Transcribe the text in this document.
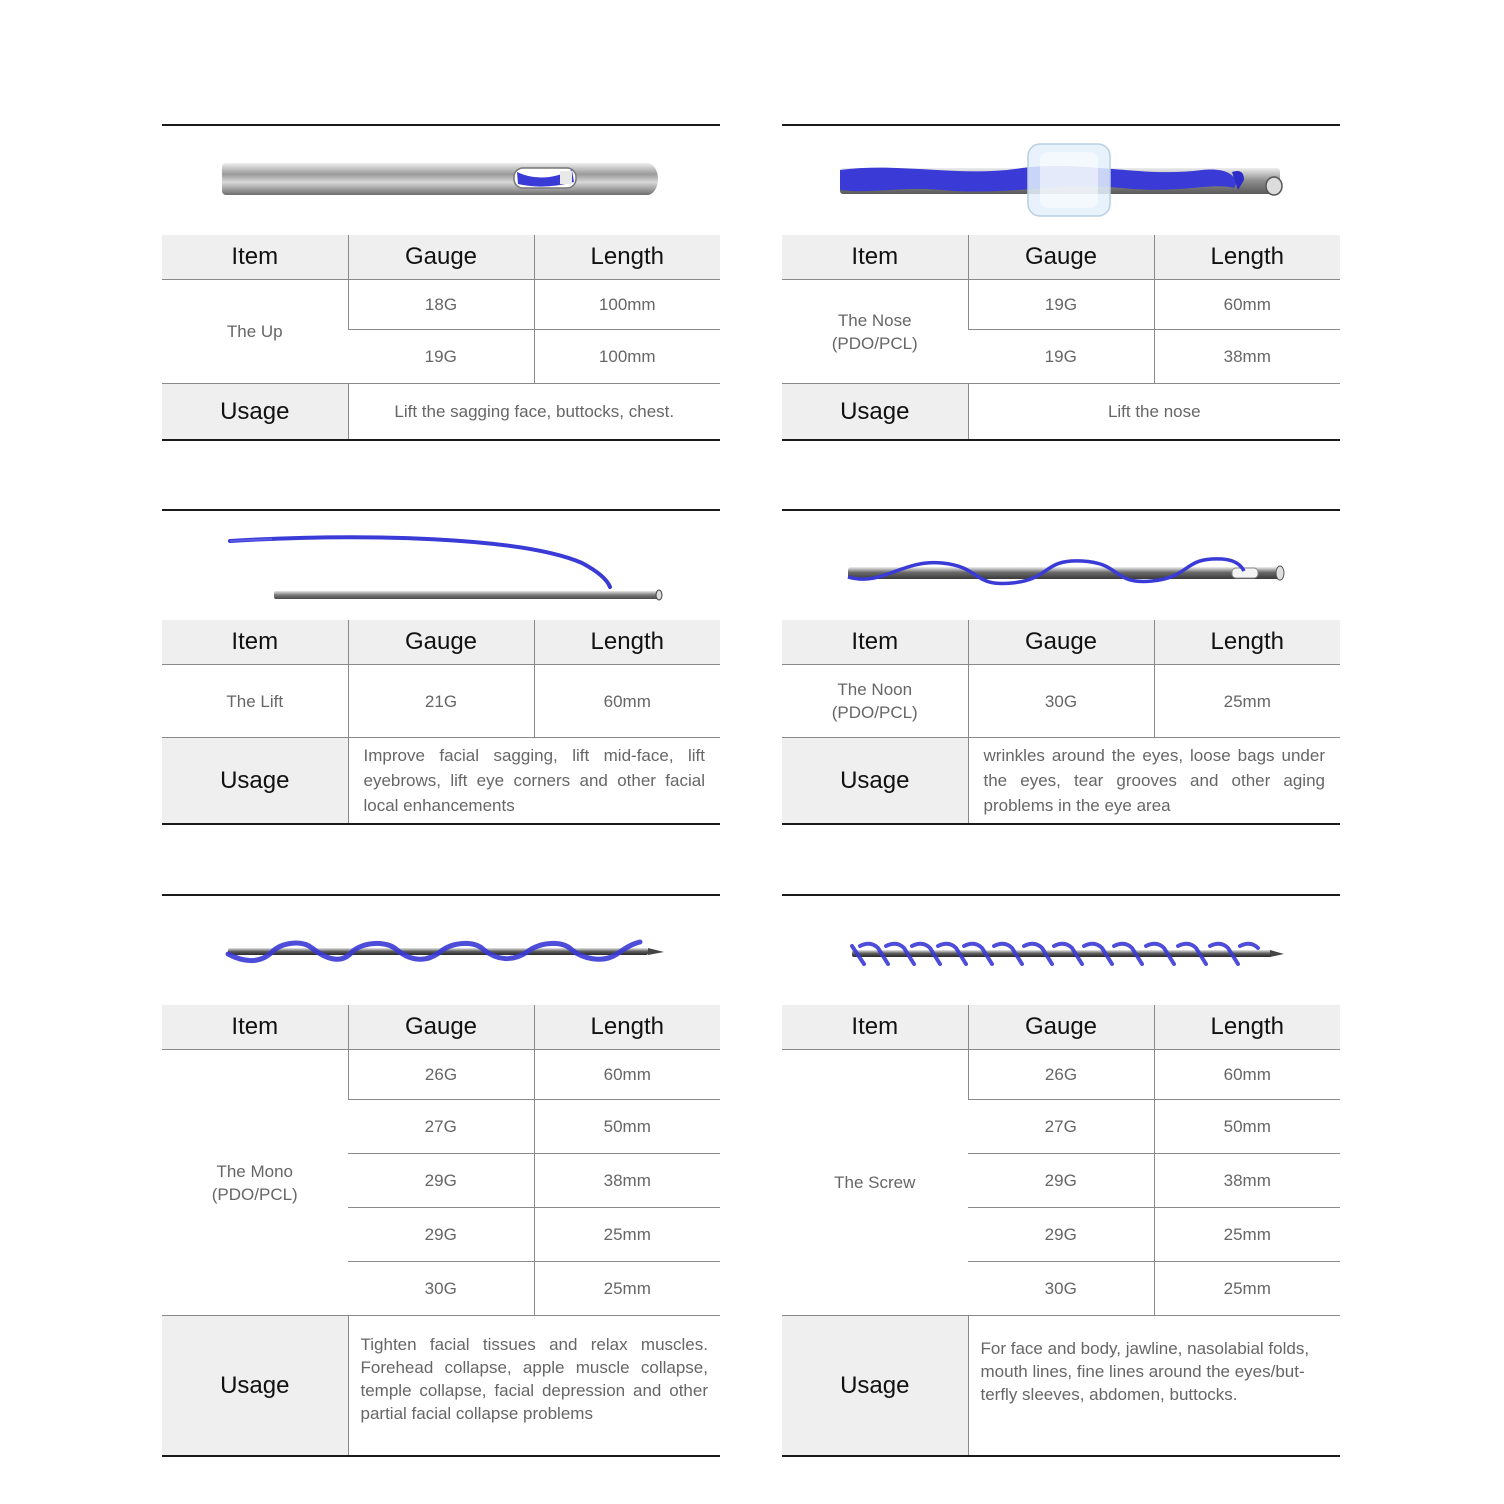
Item	Gauge	Length
The Up	18G	100mm
	19G	100mm
Usage	Lift the sagging face, buttocks, chest.	
Item	Gauge	Length
The Nose
(PDO/PCL)	19G	60mm
	19G	38mm
Usage	Lift the nose	
Item	Gauge	Length
The Lift	21G	60mm
Usage	Improve facial sagging, lift mid-face, lift eyebrows, lift eye corners and other facial local enhancements	
Item	Gauge	Length
The Noon
(PDO/PCL)	30G	25mm
Usage	wrinkles around the eyes, loose bags under the eyes, tear grooves and other aging problems in the eye area	
Item	Gauge	Length
The Mono
(PDO/PCL)	26G	60mm
	27G	50mm
	29G	38mm
	29G	25mm
	30G	25mm
Usage	Tighten facial tissues and relax muscles. Forehead collapse, apple muscle collapse, temple collapse, facial depression and other partial facial collapse problems	
Item	Gauge	Length
The Screw	26G	60mm
	27G	50mm
	29G	38mm
	29G	25mm
	30G	25mm
Usage	For face and body, jawline, nasolabial folds, mouth lines, fine lines around the eyes/but-terfly sleeves, abdomen, buttocks.	
